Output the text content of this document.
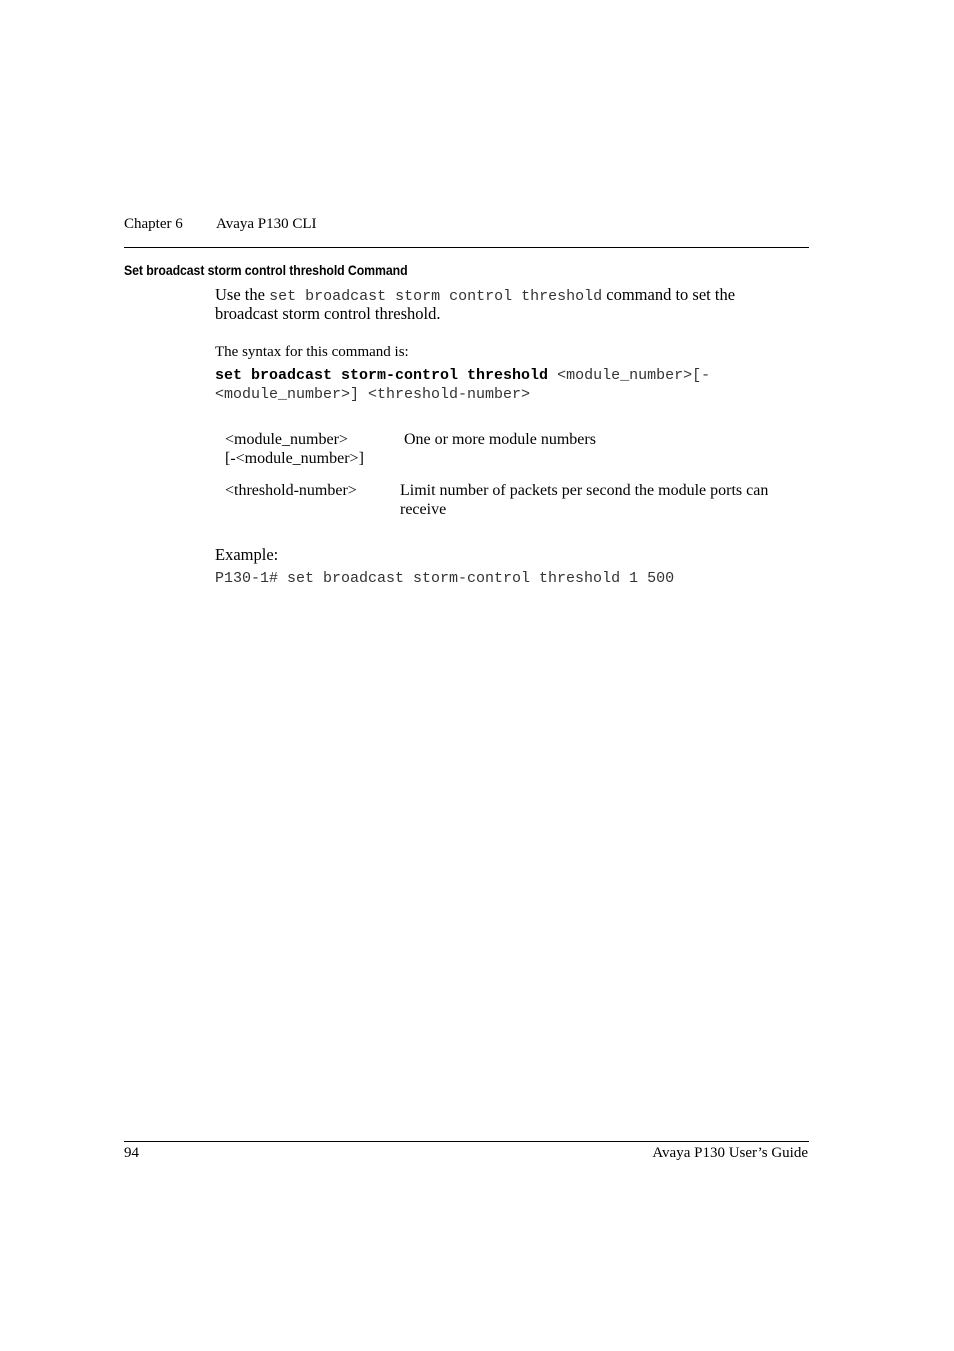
Chapter 6 Avaya P130 CLI
Set broadcast storm control threshold Command
Use the set broadcast storm control threshold command to set the
broadcast storm control threshold.
The syntax for this command is:
set broadcast storm-control threshold <module_number>[-
<module_number>] <threshold-number>
<module_number>
[-<module_number>]
One or more module numbers
<threshold-number>	Limit number of packets per second the module ports can receive
Example:
P130-1# set broadcast storm-control threshold 1 500
94	Avaya P130 User’s Guide
